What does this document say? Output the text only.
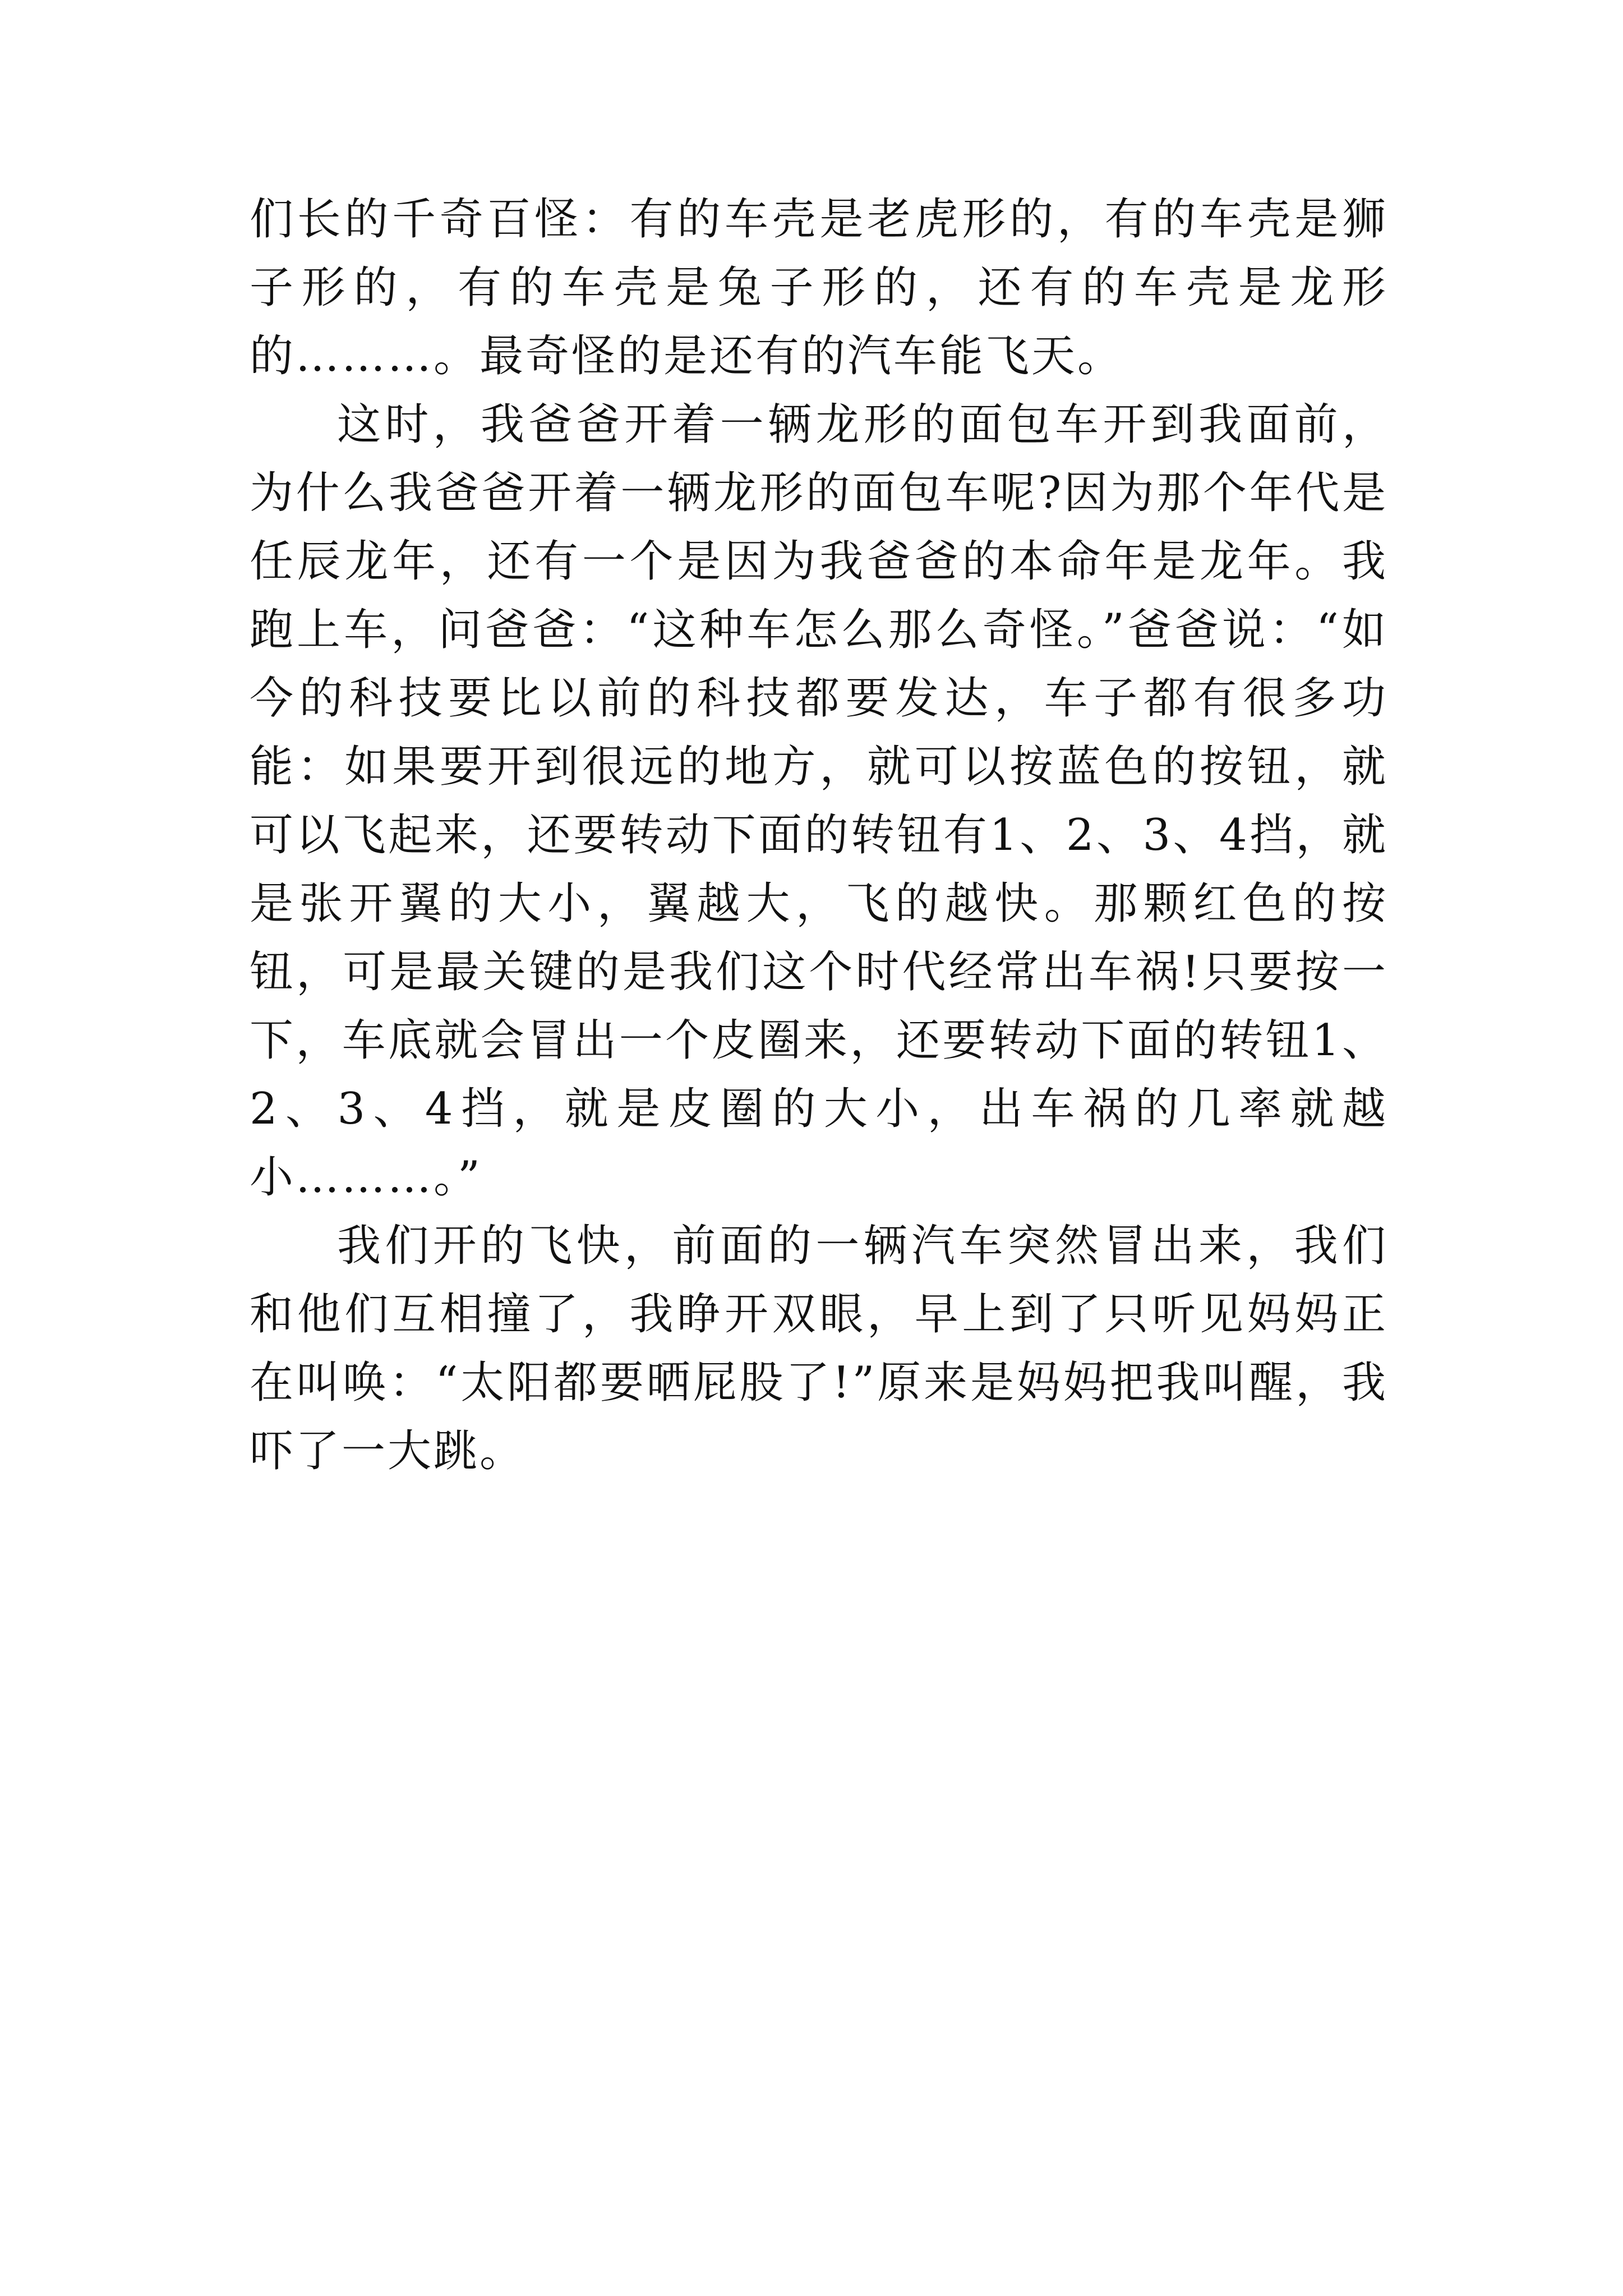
们长的千奇百怪：有的车壳是老虎形的，有的车壳是狮子形的，有的车壳是兔子形的，还有的车壳是龙形的………。最奇怪的是还有的汽车能飞天。

这时，我爸爸开着一辆龙形的面包车开到我面前，为什么我爸爸开着一辆龙形的面包车呢?因为那个年代是任辰龙年，还有一个是因为我爸爸的本命年是龙年。我跑上车，问爸爸：“这种车怎么那么奇怪。”爸爸说：“如今的科技要比以前的科技都要发达，车子都有很多功能：如果要开到很远的地方，就可以按蓝色的按钮，就可以飞起来，还要转动下面的转钮有1、2、3、4挡，就是张开翼的大小，翼越大，飞的越快。那颗红色的按钮，可是最关键的是我们这个时代经常出车祸!只要按一下，车底就会冒出一个皮圈来，还要转动下面的转钮1、2、3、4挡，就是皮圈的大小，出车祸的几率就越小………。”

我们开的飞快，前面的一辆汽车突然冒出来，我们和他们互相撞了，我睁开双眼，早上到了只听见妈妈正在叫唤：“太阳都要晒屁股了!”原来是妈妈把我叫醒，我吓了一大跳。
